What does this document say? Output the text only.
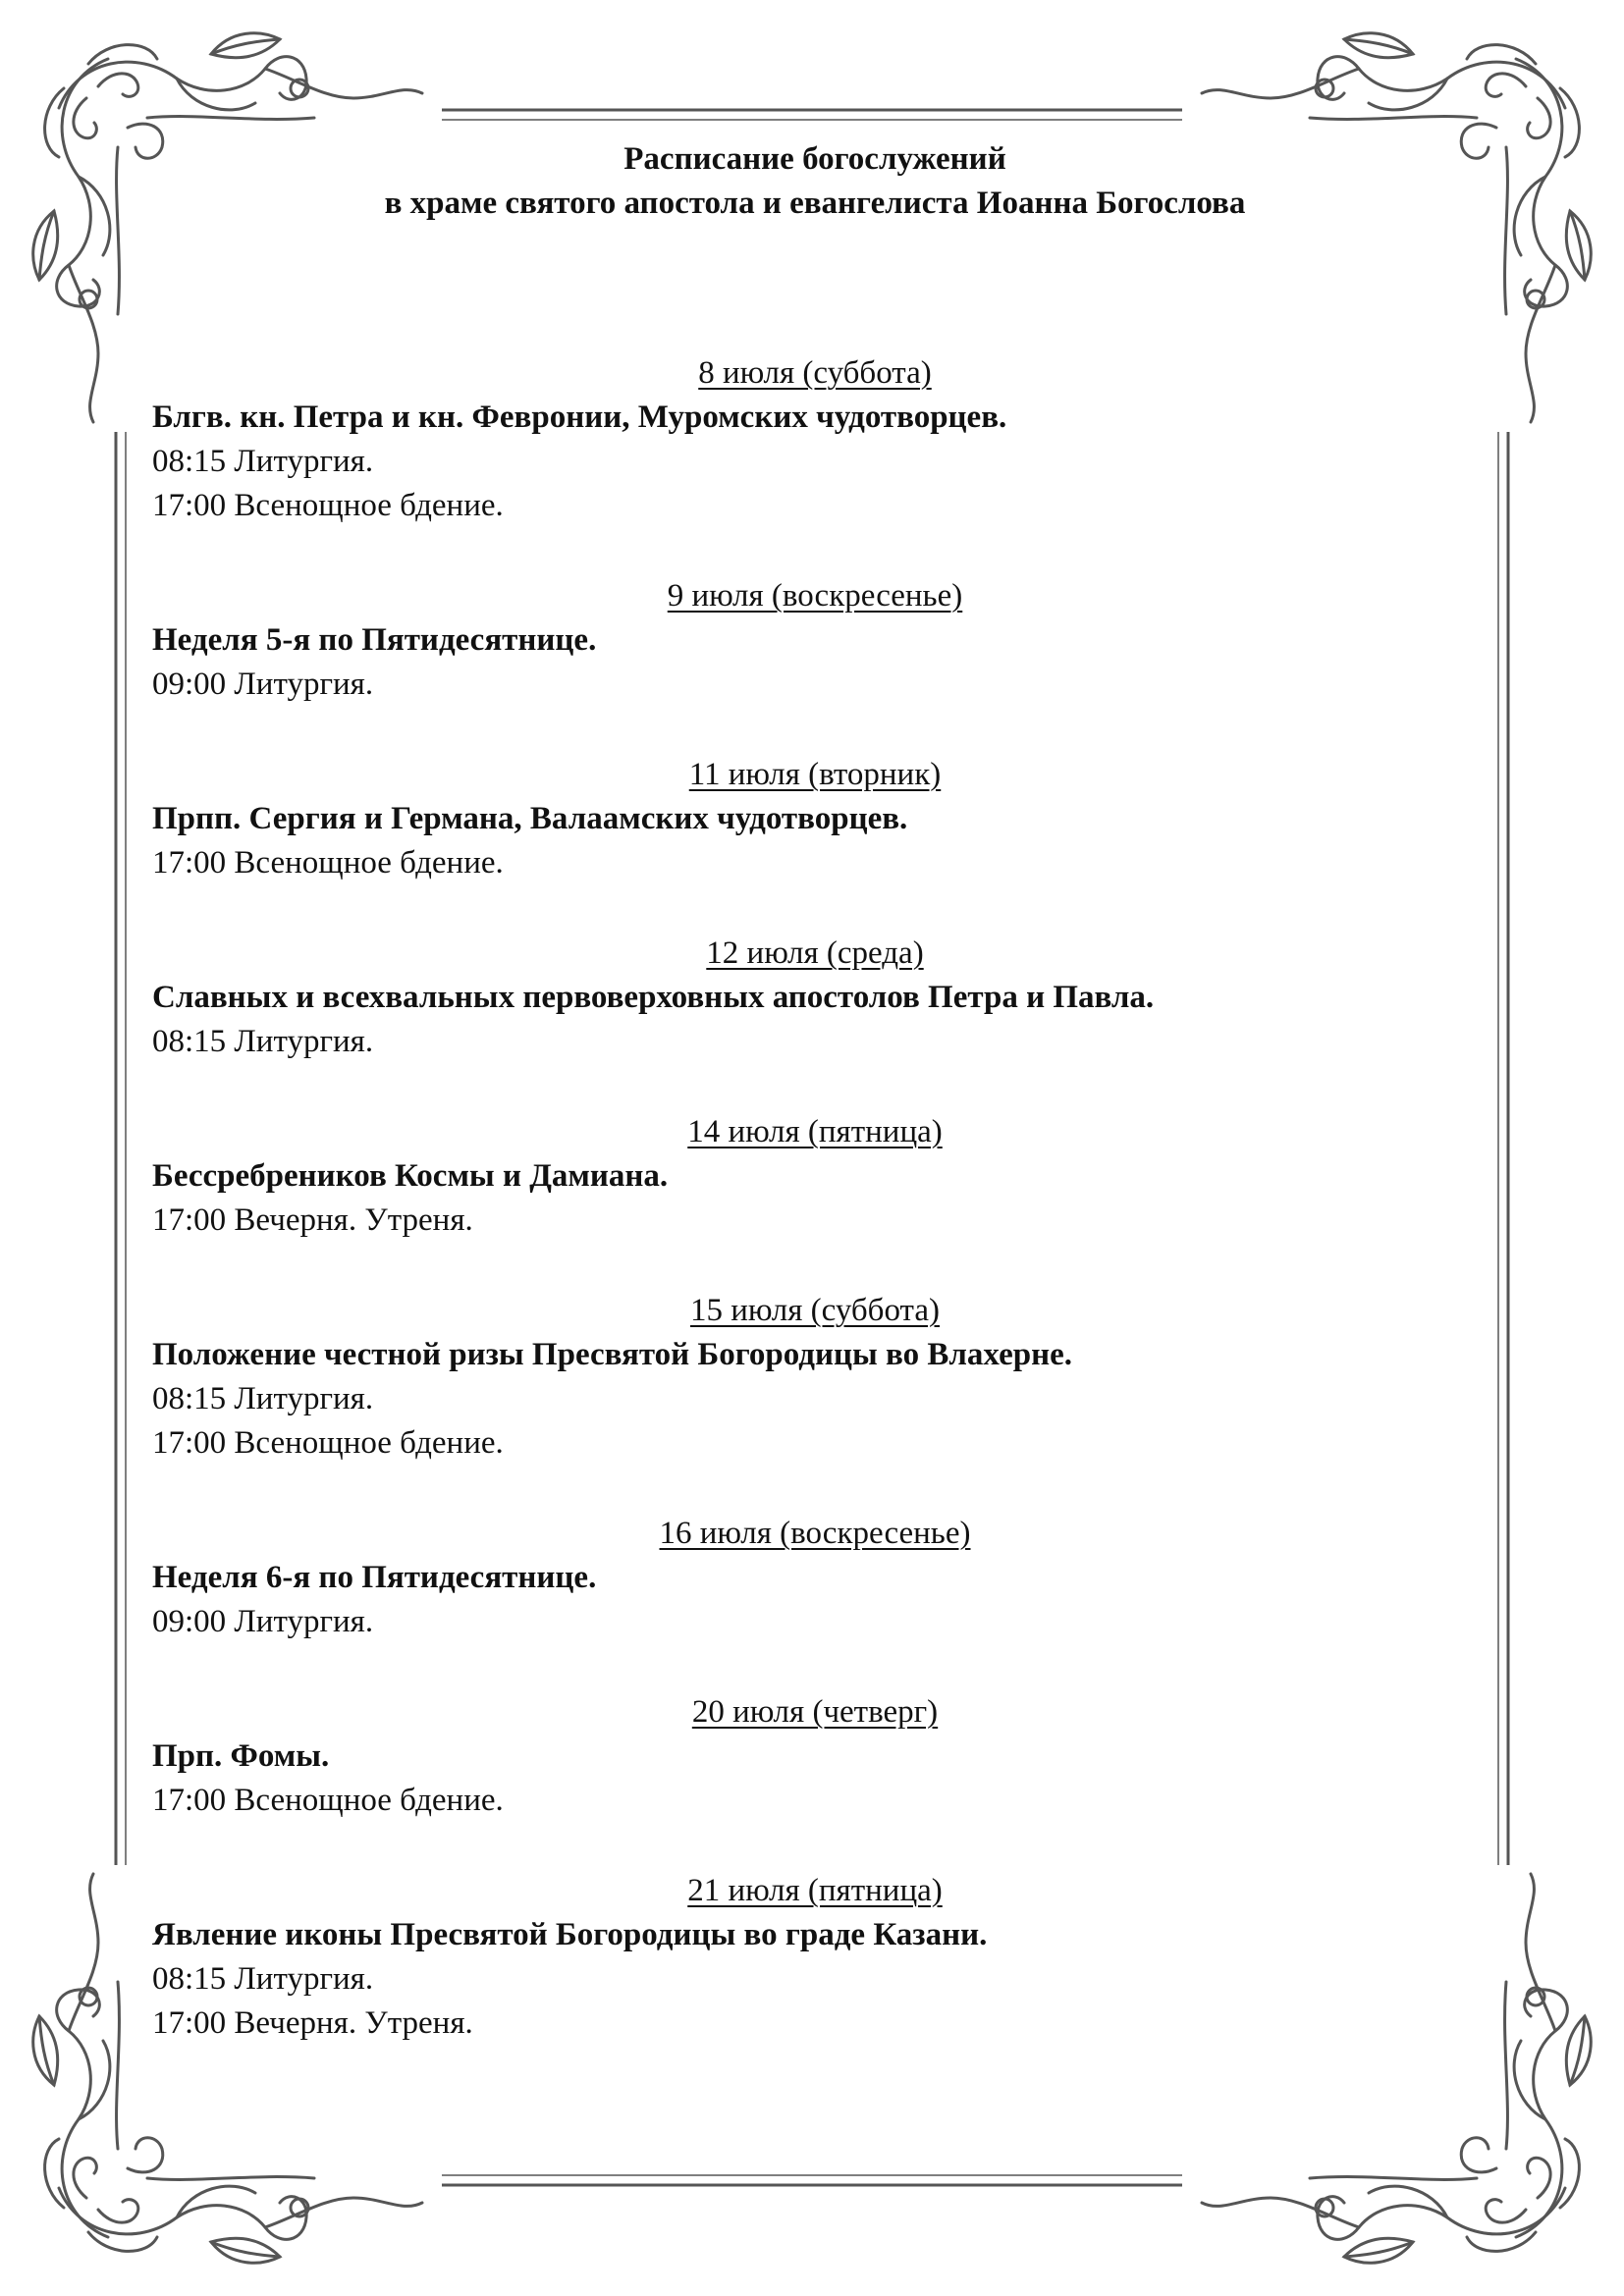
Расписание богослужений
в храме святого апостола и евангелиста Иоанна Богослова

8 июля (суббота)

Блгв. кн. Петра и кн. Февронии, Муромских чудотворцев.

08:15 Литургия.

17:00 Всенощное бдение.

9 июля (воскресенье)

Неделя 5-я по Пятидесятнице.

09:00 Литургия.

11 июля (вторник)

Прпп. Сергия и Германа, Валаамских чудотворцев.

17:00 Всенощное бдение.

12 июля (среда)

Славных и всехвальных первоверховных апостолов Петра и Павла.

08:15 Литургия.

14 июля (пятница)

Бессребреников Космы и Дамиана.

17:00 Вечерня. Утреня.

15 июля (суббота)

Положение честной ризы Пресвятой Богородицы во Влахерне.

08:15 Литургия.

17:00 Всенощное бдение.

16 июля (воскресенье)

Неделя 6-я по Пятидесятнице.

09:00 Литургия.

20 июля (четверг)

Прп. Фомы.

17:00 Всенощное бдение.

21 июля (пятница)

Явление иконы Пресвятой Богородицы во граде Казани.

08:15 Литургия.

17:00 Вечерня. Утреня.
